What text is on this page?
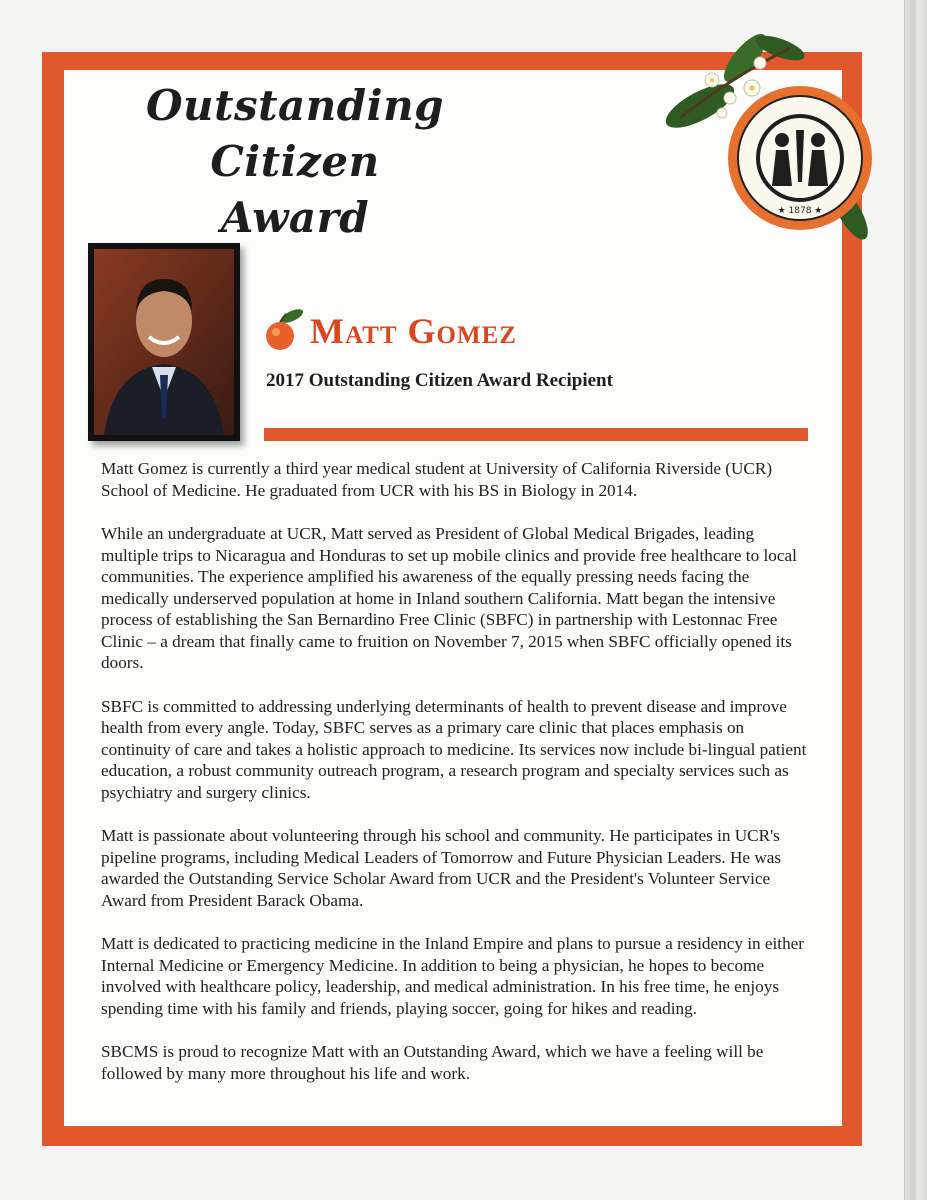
Outstanding Citizen
Award	★ 1878 ★
Matt Gomez

2017 Outstanding Citizen Award Recipient

Matt Gomez is currently a third year medical student at University of California Riverside (UCR) School of Medicine. He graduated from UCR with his BS in Biology in 2014.

While an undergraduate at UCR, Matt served as President of Global Medical Brigades, leading multiple trips to Nicaragua and Honduras to set up mobile clinics and provide free healthcare to local communities. The experience amplified his awareness of the equally pressing needs facing the medically underserved population at home in Inland southern California. Matt began the intensive process of establishing the San Bernardino Free Clinic (SBFC) in partnership with Lestonnac Free Clinic – a dream that finally came to fruition on November 7, 2015 when SBFC officially opened its doors.

SBFC is committed to addressing underlying determinants of health to prevent disease and improve health from every angle. Today, SBFC serves as a primary care clinic that places emphasis on continuity of care and takes a holistic approach to medicine. Its services now include bi-lingual patient education, a robust community outreach program, a research program and specialty services such as psychiatry and surgery clinics.

Matt is passionate about volunteering through his school and community. He participates in UCR's pipeline programs, including Medical Leaders of Tomorrow and Future Physician Leaders. He was awarded the Outstanding Service Scholar Award from UCR and the President's Volunteer Service Award from President Barack Obama.

Matt is dedicated to practicing medicine in the Inland Empire and plans to pursue a residency in either Internal Medicine or Emergency Medicine. In addition to being a physician, he hopes to become involved with healthcare policy, leadership, and medical administration. In his free time, he enjoys spending time with his family and friends, playing soccer, going for hikes and reading.

SBCMS is proud to recognize Matt with an Outstanding Award, which we have a feeling will be followed by many more throughout his life and work.
